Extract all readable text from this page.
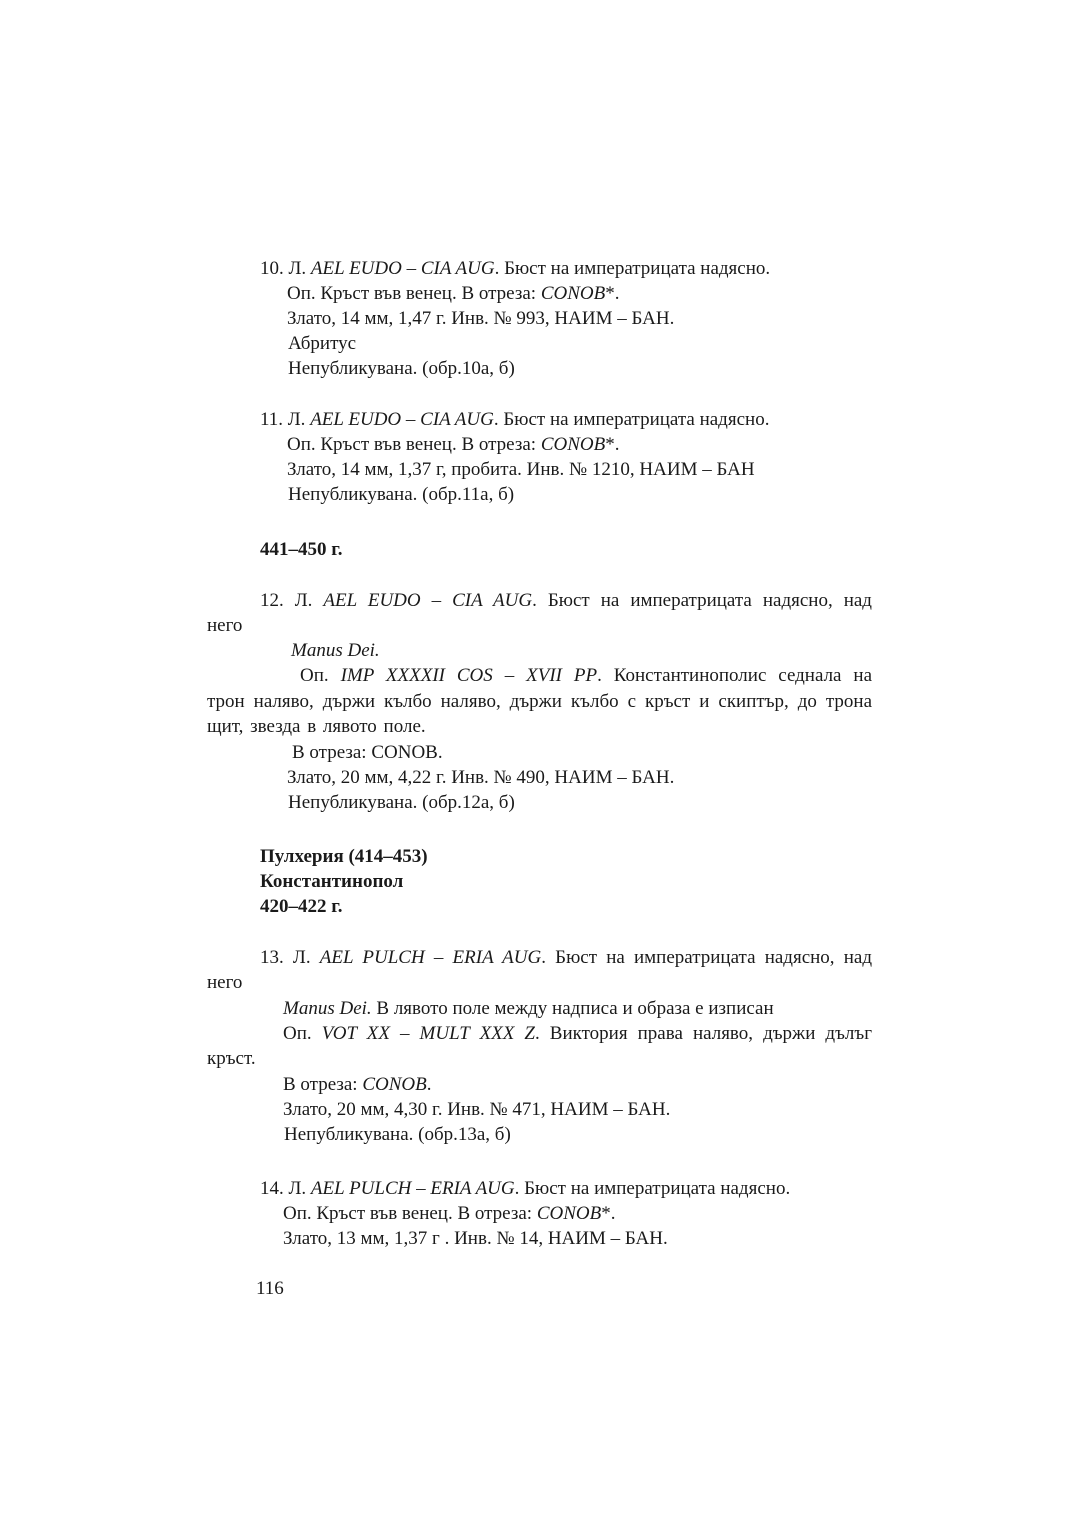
10. Л. AEL EUDO – CIA AUG. Бюст на императрицата надясно.
Оп. Кръст във венец. В отреза: CONOB*.
Злато, 14 мм, 1,47 г. Инв. № 993, НАИМ – БАН.
Абритус
Непубликувана. (обр.10а, б)
11. Л. AEL EUDO – CIA AUG. Бюст на императрицата надясно.
Оп. Кръст във венец. В отреза: CONOB*.
Злато, 14 мм, 1,37 г, пробита. Инв. № 1210, НАИМ – БАН
Непубликувана. (обр.11а, б)
441–450 г.
12. Л. AEL EUDO – CIA AUG. Бюст на императрицата надясно, над
него
Manus Dei.
Оп. IMP XXXXII COS – XVII PP. Константинополис седнала на
трон наляво, държи кълбо наляво, държи кълбо с кръст и скиптър, до трона
щит, звезда в лявото поле.
В отреза: CONOB.
Злато, 20 мм, 4,22 г. Инв. № 490, НАИМ – БАН.
Непубликувана. (обр.12а, б)
Пулхерия (414–453)
Константинопол
420–422 г.
13. Л. AEL PULCH – ERIA AUG. Бюст на императрицата надясно, над
него
Manus Dei. В лявото поле между надписа и образа е изписан
Оп. VOT XX – MULT XXX Z. Виктория права наляво, държи дълъг
кръст.
В отреза: CONOB.
Злато, 20 мм, 4,30 г. Инв. № 471, НАИМ – БАН.
Непубликувана. (обр.13а, б)
14. Л. AEL PULCH – ERIA AUG. Бюст на императрицата надясно.
Оп. Кръст във венец. В отреза: CONOB*.
Злато, 13 мм, 1,37 г . Инв. № 14, НАИМ – БАН.
116
